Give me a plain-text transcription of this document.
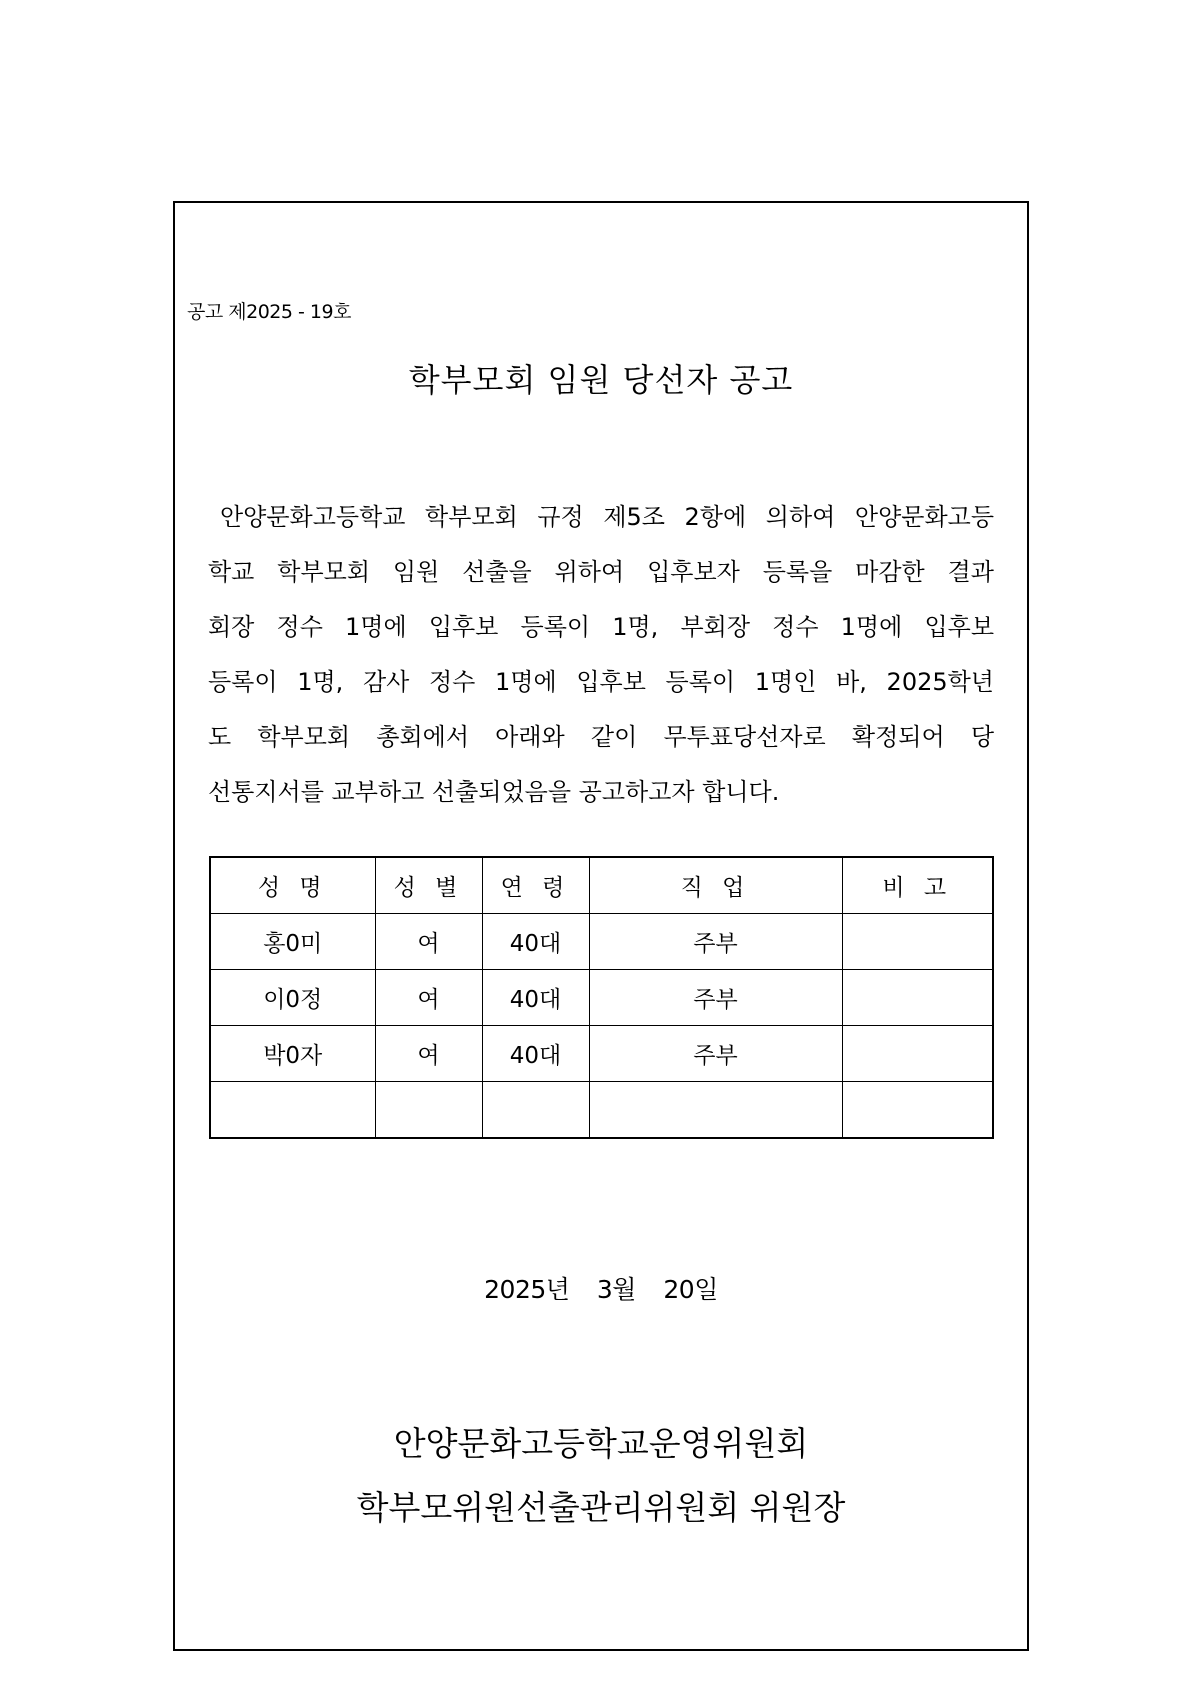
공고 제2025 - 19호
학부모회 임원 당선자 공고
안양문화고등학교 학부모회 규정 제5조 2항에 의하여 안양문화고등
학교 학부모회 임원 선출을 위하여 입후보자 등록을 마감한 결과
회장 정수 1명에 입후보 등록이 1명, 부회장 정수 1명에 입후보
등록이 1명, 감사 정수 1명에 입후보 등록이 1명인 바, 2025학년
도 학부모회 총회에서 아래와 같이 무투표당선자로 확정되어 당
선통지서를 교부하고 선출되었음을 공고하고자 합니다.
성 명	성 별	연 령	직 업	비 고
홍0미	여	40대	주부	
이0정	여	40대	주부	
박0자	여	40대	주부	

2025년 3월 20일
안양문화고등학교운영위원회
학부모위원선출관리위원회 위원장
